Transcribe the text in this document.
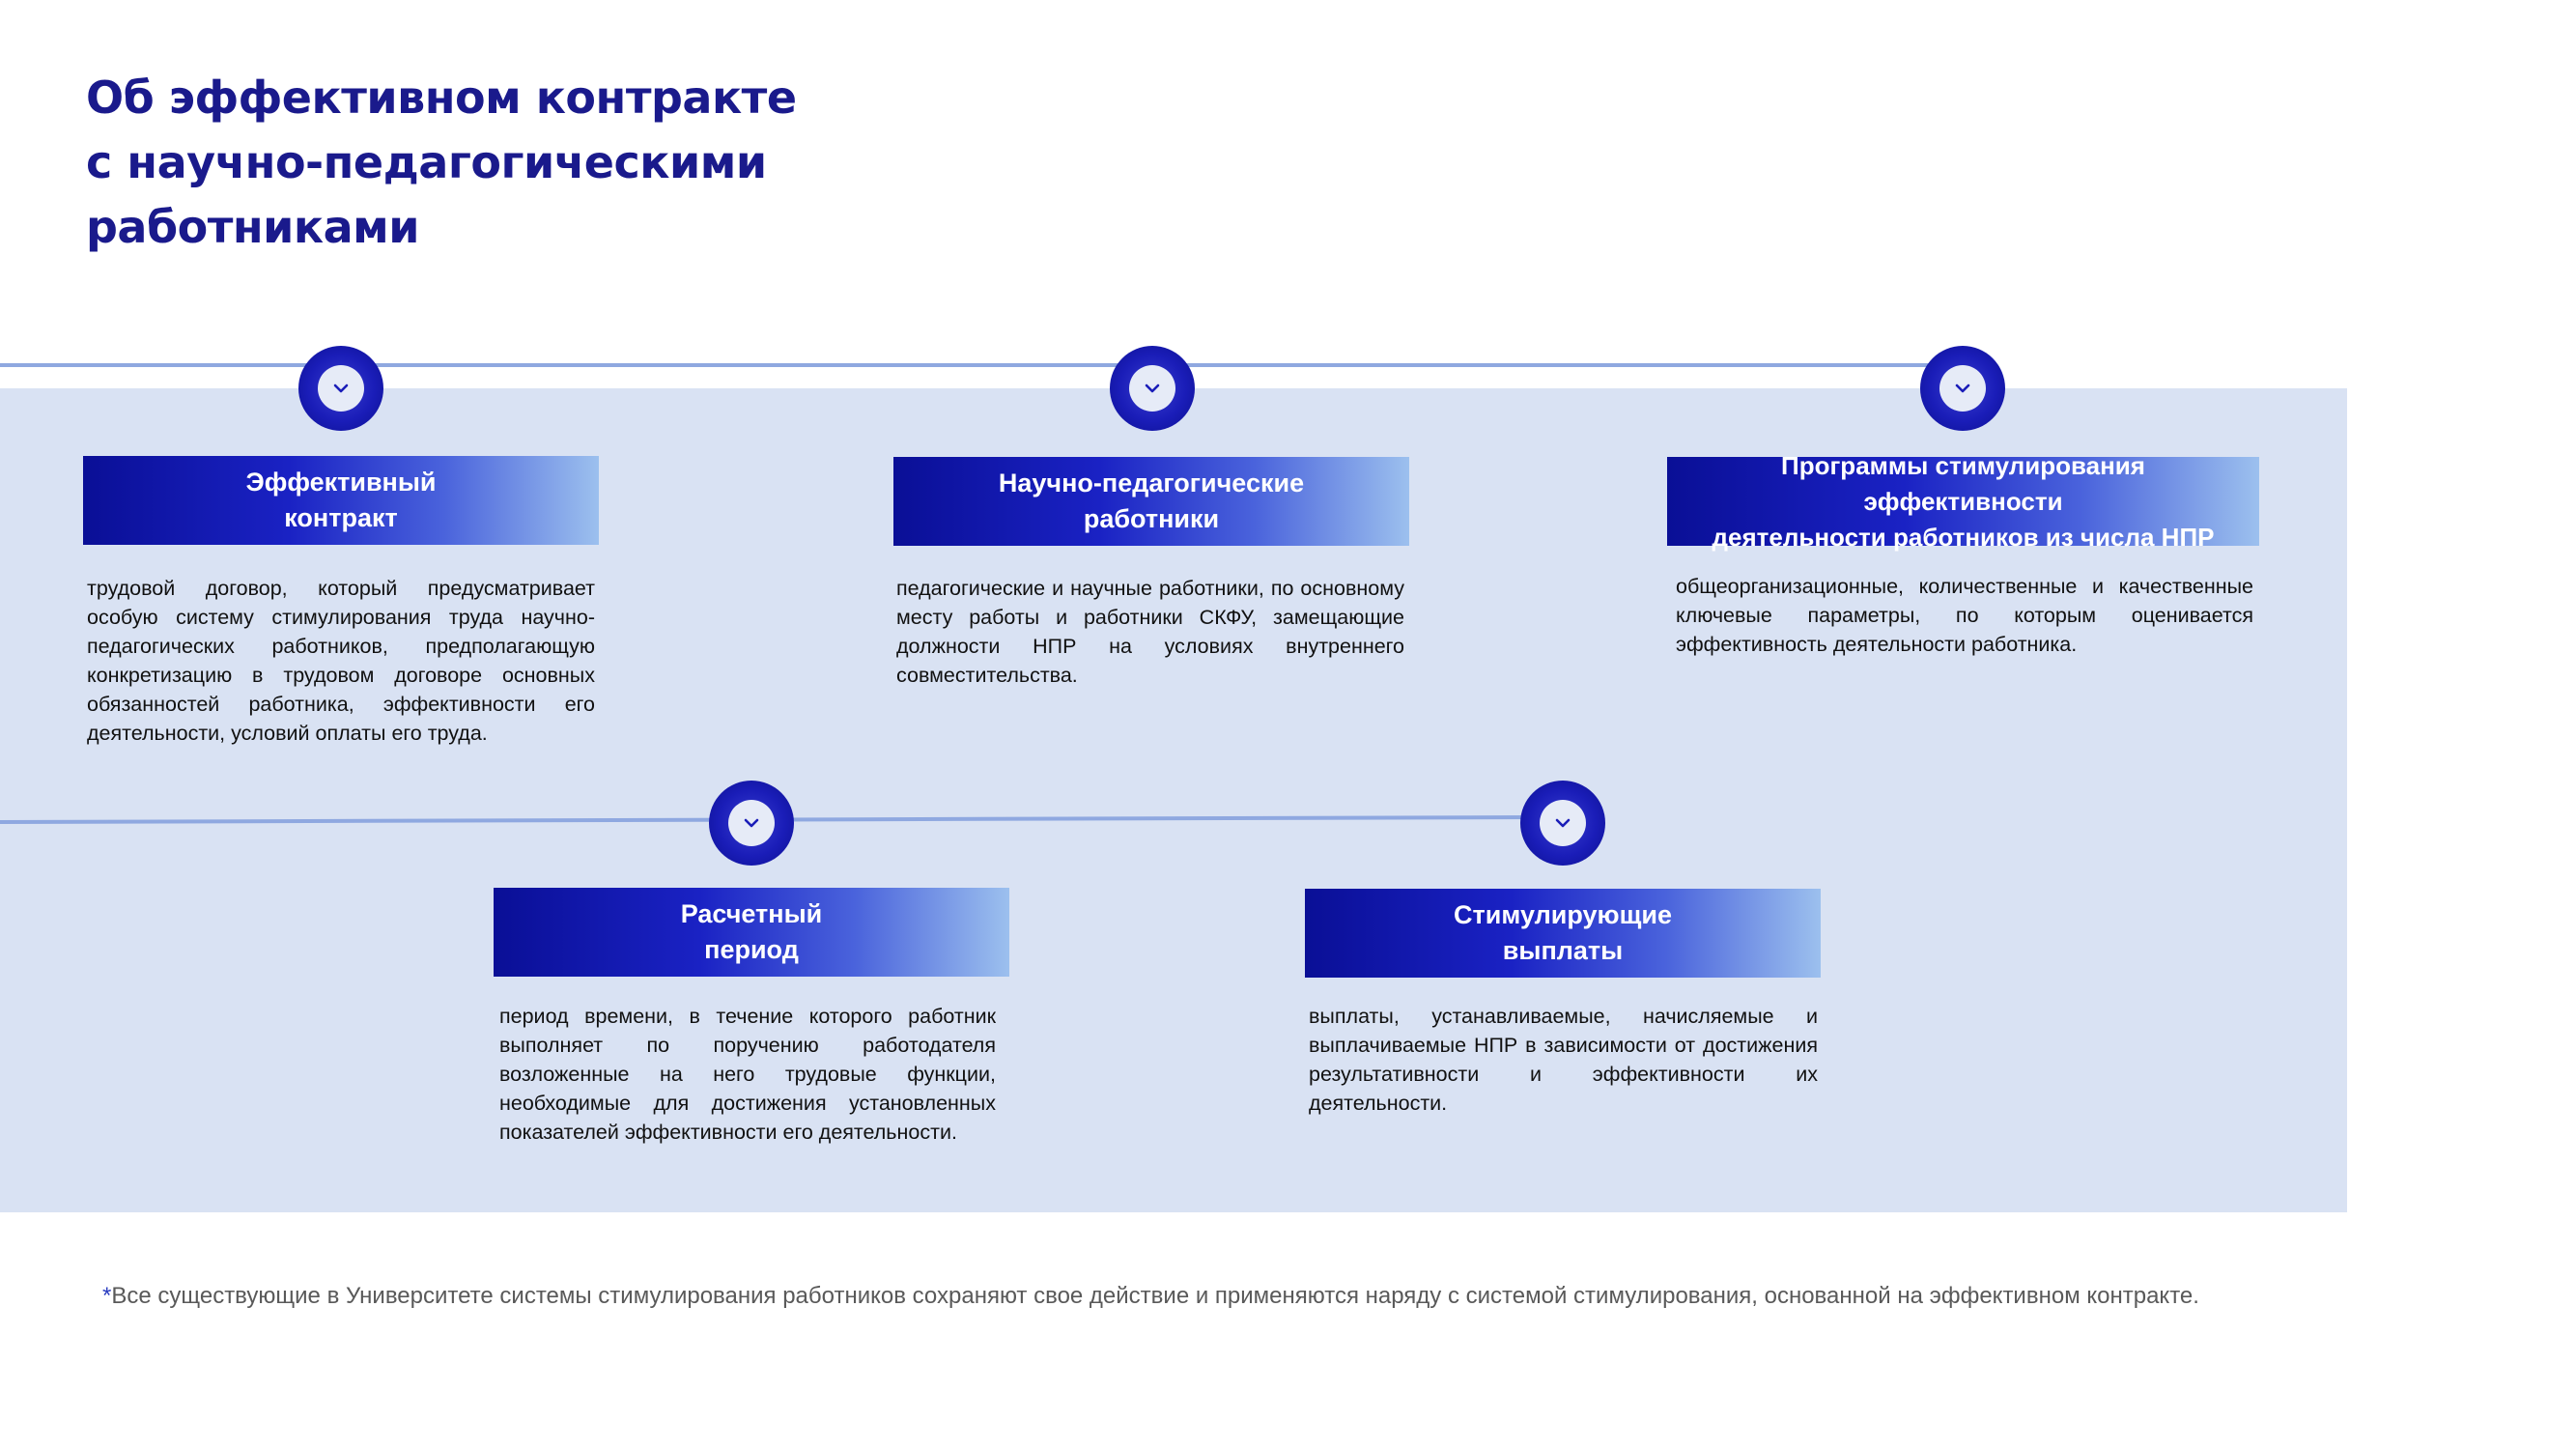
Об эффективном контракте
с научно-педагогическими
работниками
Эффективный
контракт

трудовой договор, который предусматривает особую систему стимулирования труда научно-педагогических работников, предполагающую конкретизацию в трудовом договоре основных обязанностей работника, эффективности его деятельности, условий оплаты его труда.

Научно-педагогические
работники

педагогические и научные работники, по основному месту работы и работники СКФУ, замещающие должности НПР на условиях внутреннего совместительства.

Программы стимулирования эффективности
деятельности работников из числа НПР

общеорганизационные, количественные и качественные ключевые параметры, по которым оценивается эффективность деятельности работника.

Расчетный
период

период времени, в течение которого работник выполняет по поручению работодателя возложенные на него трудовые функции, необходимые для достижения установленных показателей эффективности его деятельности.

Стимулирующие
выплаты

выплаты, устанавливаемые, начисляемые и выплачиваемые НПР в зависимости от достижения результативности и эффективности их деятельности.

*Все существующие в Университете системы стимулирования работников сохраняют свое действие и применяются наряду с системой стимулирования, основанной на эффективном контракте.
